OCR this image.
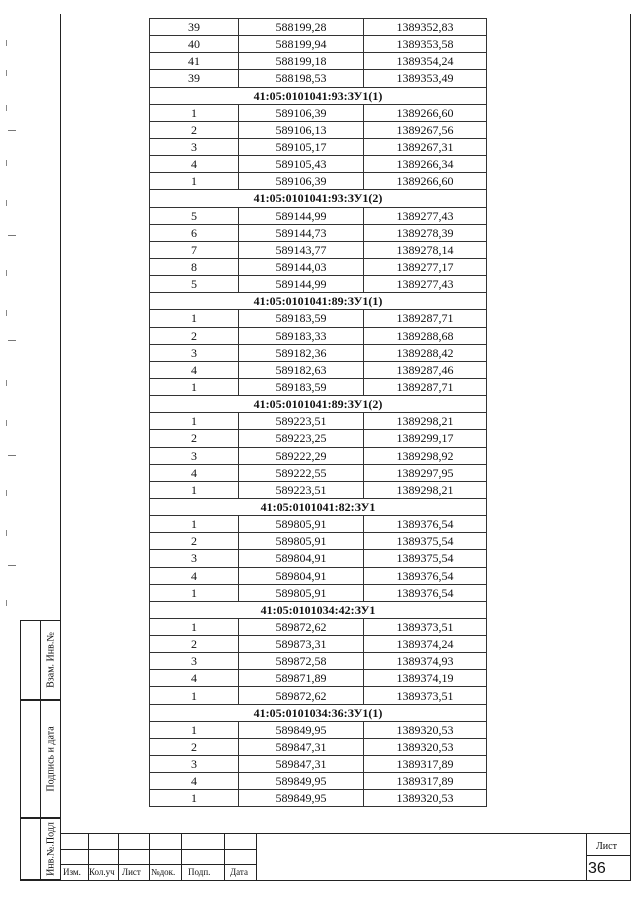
Взам. Инв.№
Подпись и дата
Инв.№.Подл
39	588199,28	1389352,83
40	588199,94	1389353,58
41	588199,18	1389354,24
39	588198,53	1389353,49
41:05:0101041:93:ЗУ1(1)		
1	589106,39	1389266,60
2	589106,13	1389267,56
3	589105,17	1389267,31
4	589105,43	1389266,34
1	589106,39	1389266,60
41:05:0101041:93:ЗУ1(2)		
5	589144,99	1389277,43
6	589144,73	1389278,39
7	589143,77	1389278,14
8	589144,03	1389277,17
5	589144,99	1389277,43
41:05:0101041:89:ЗУ1(1)		
1	589183,59	1389287,71
2	589183,33	1389288,68
3	589182,36	1389288,42
4	589182,63	1389287,46
1	589183,59	1389287,71
41:05:0101041:89:ЗУ1(2)		
1	589223,51	1389298,21
2	589223,25	1389299,17
3	589222,29	1389298,92
4	589222,55	1389297,95
1	589223,51	1389298,21
41:05:0101041:82:ЗУ1		
1	589805,91	1389376,54
2	589805,91	1389375,54
3	589804,91	1389375,54
4	589804,91	1389376,54
1	589805,91	1389376,54
41:05:0101034:42:ЗУ1		
1	589872,62	1389373,51
2	589873,31	1389374,24
3	589872,58	1389374,93
4	589871,89	1389374,19
1	589872,62	1389373,51
41:05:0101034:36:ЗУ1(1)		
1	589849,95	1389320,53
2	589847,31	1389320,53
3	589847,31	1389317,89
4	589849,95	1389317,89
1	589849,95	1389320,53
Изм. Кол.уч Лист №док. Подп. Дата
Лист
36
